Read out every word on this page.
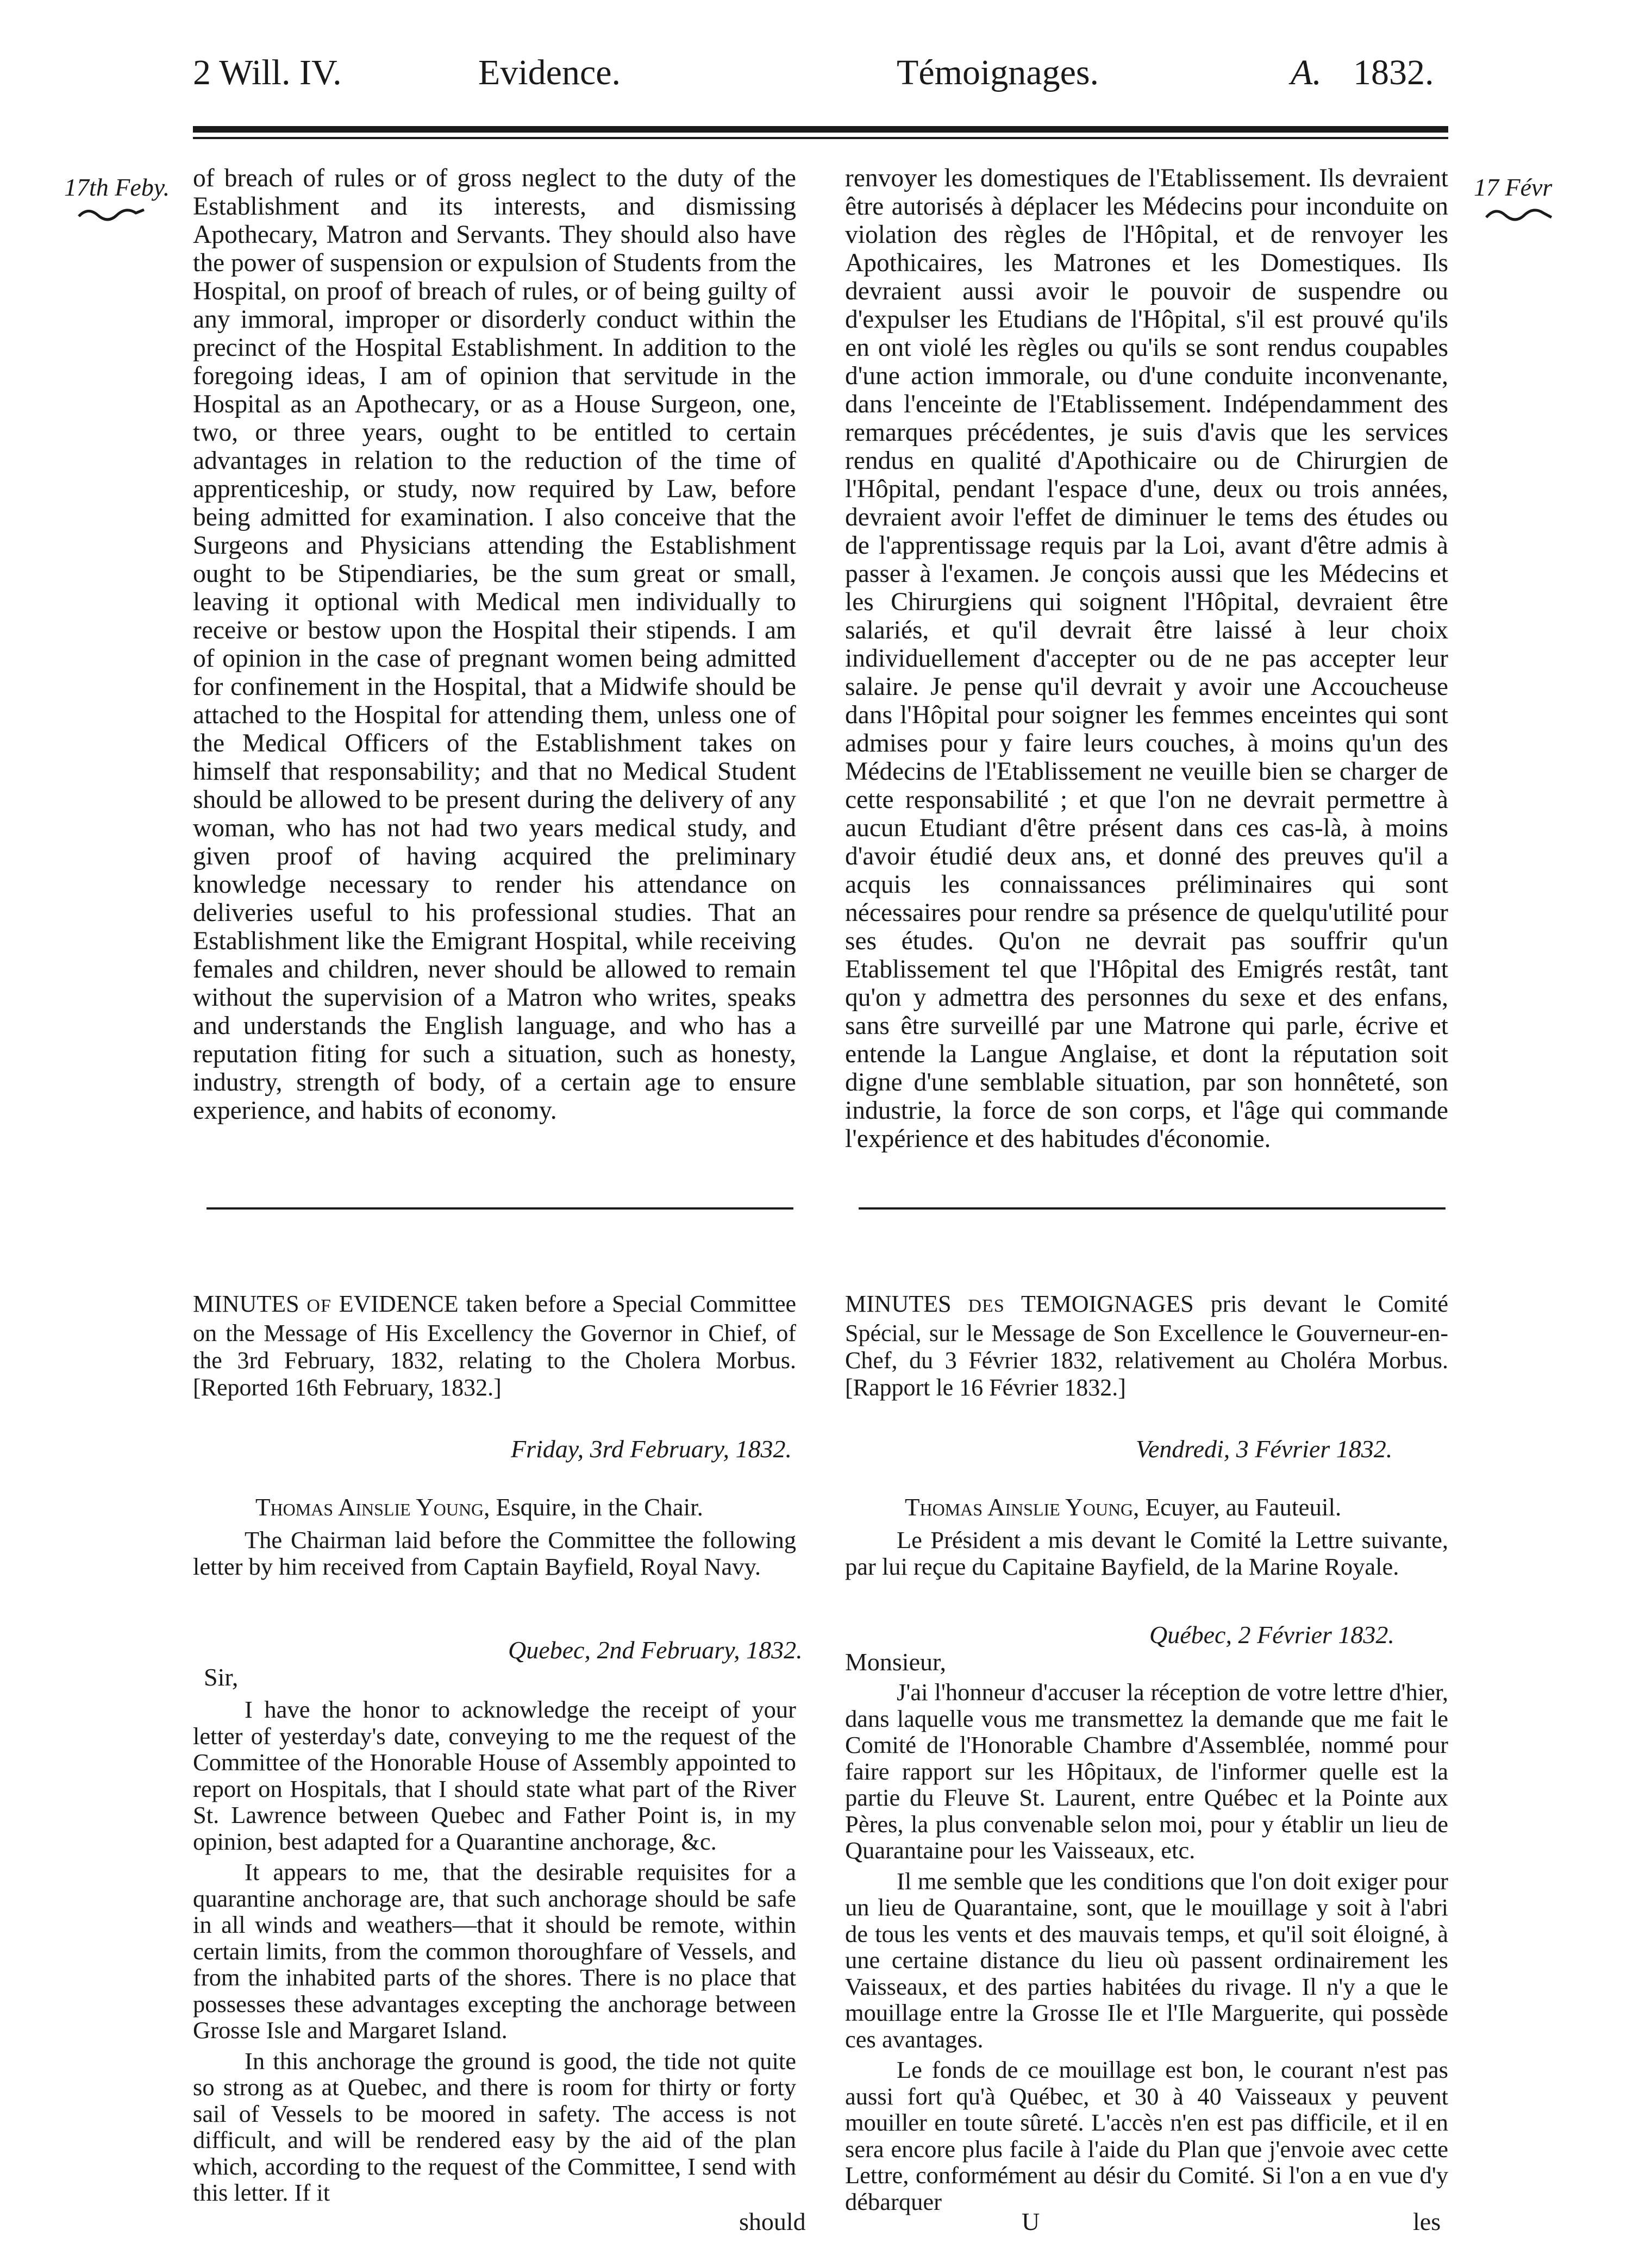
2 Will. IV.	Evidence.	Témoignages.	A. 1832.
17th Feby.	17 Févr

of breach of rules or of gross neglect to the duty of the Establishment and its interests, and dismissing Apothecary, Matron and Servants. They should also have the power of suspension or expulsion of Students from the Hospital, on proof of breach of rules, or of being guilty of any immoral, improper or disorderly conduct within the precinct of the Hospital Establishment. In addition to the foregoing ideas, I am of opinion that servitude in the Hospital as an Apothecary, or as a House Surgeon, one, two, or three years, ought to be entitled to certain advantages in relation to the reduction of the time of apprenticeship, or study, now required by Law, before being admitted for examination. I also conceive that the Surgeons and Physicians attending the Establishment ought to be Stipendiaries, be the sum great or small, leaving it optional with Medical men individually to receive or bestow upon the Hospital their stipends. I am of opinion in the case of pregnant women being admitted for confinement in the Hospital, that a Midwife should be attached to the Hospital for attending them, unless one of the Medical Officers of the Establishment takes on himself that responsability; and that no Medical Student should be allowed to be present during the delivery of any woman, who has not had two years medical study, and given proof of having acquired the preliminary knowledge necessary to render his attendance on deliveries useful to his professional studies. That an Establishment like the Emigrant Hospital, while receiving females and children, never should be allowed to remain without the supervision of a Matron who writes, speaks and understands the English language, and who has a reputation fiting for such a situation, such as honesty, industry, strength of body, of a certain age to ensure experience, and habits of economy.

renvoyer les domestiques de l'Etablissement. Ils devraient être autorisés à déplacer les Médecins pour inconduite on violation des règles de l'Hôpital, et de renvoyer les Apothicaires, les Matrones et les Domestiques. Ils devraient aussi avoir le pouvoir de suspendre ou d'expulser les Etudians de l'Hôpital, s'il est prouvé qu'ils en ont violé les règles ou qu'ils se sont rendus coupables d'une action immorale, ou d'une conduite inconvenante, dans l'enceinte de l'Etablissement. Indépendamment des remarques précédentes, je suis d'avis que les services rendus en qualité d'Apothicaire ou de Chirurgien de l'Hôpital, pendant l'espace d'une, deux ou trois années, devraient avoir l'effet de diminuer le tems des études ou de l'apprentissage requis par la Loi, avant d'être admis à passer à l'examen. Je conçois aussi que les Médecins et les Chirurgiens qui soignent l'Hôpital, devraient être salariés, et qu'il devrait être laissé à leur choix individuellement d'accepter ou de ne pas accepter leur salaire. Je pense qu'il devrait y avoir une Accoucheuse dans l'Hôpital pour soigner les femmes enceintes qui sont admises pour y faire leurs couches, à moins qu'un des Médecins de l'Etablissement ne veuille bien se charger de cette responsabilité ; et que l'on ne devrait permettre à aucun Etudiant d'être présent dans ces cas-là, à moins d'avoir étudié deux ans, et donné des preuves qu'il a acquis les connaissances préliminaires qui sont nécessaires pour rendre sa présence de quelqu'utilité pour ses études. Qu'on ne devrait pas souffrir qu'un Etablissement tel que l'Hôpital des Emigrés restât, tant qu'on y admettra des personnes du sexe et des enfans, sans être surveillé par une Matrone qui parle, écrive et entende la Langue Anglaise, et dont la réputation soit digne d'une semblable situation, par son honnêteté, son industrie, la force de son corps, et l'âge qui commande l'expérience et des habitudes d'économie.

MINUTES OF EVIDENCE taken before a Special Committee on the Message of His Excellency the Governor in Chief, of the 3rd February, 1832, relating to the Cholera Morbus. [Reported 16th February, 1832.]
Friday, 3rd February, 1832.
Thomas Ainslie Young, Esquire, in the Chair.

The Chairman laid before the Committee the following letter by him received from Captain Bayfield, Royal Navy.

Quebec, 2nd February, 1832.
Sir,

I have the honor to acknowledge the receipt of your letter of yesterday's date, conveying to me the request of the Committee of the Honorable House of Assembly appointed to report on Hospitals, that I should state what part of the River St. Lawrence between Quebec and Father Point is, in my opinion, best adapted for a Quarantine anchorage, &c.

It appears to me, that the desirable requisites for a quarantine anchorage are, that such anchorage should be safe in all winds and weathers—that it should be remote, within certain limits, from the common thoroughfare of Vessels, and from the inhabited parts of the shores. There is no place that possesses these advantages excepting the anchorage between Grosse Isle and Margaret Island.

In this anchorage the ground is good, the tide not quite so strong as at Quebec, and there is room for thirty or forty sail of Vessels to be moored in safety. The access is not difficult, and will be rendered easy by the aid of the plan which, according to the request of the Committee, I send with this letter. If it

should
MINUTES DES TEMOIGNAGES pris devant le Comité Spécial, sur le Message de Son Excellence le Gouverneur-en-Chef, du 3 Février 1832, relativement au Choléra Morbus. [Rapport le 16 Février 1832.]
Vendredi, 3 Février 1832.
Thomas Ainslie Young, Ecuyer, au Fauteuil.

Le Président a mis devant le Comité la Lettre suivante, par lui reçue du Capitaine Bayfield, de la Marine Royale.

Québec, 2 Février 1832.
Monsieur,

J'ai l'honneur d'accuser la réception de votre lettre d'hier, dans laquelle vous me transmettez la demande que me fait le Comité de l'Honorable Chambre d'Assemblée, nommé pour faire rapport sur les Hôpitaux, de l'informer quelle est la partie du Fleuve St. Laurent, entre Québec et la Pointe aux Pères, la plus convenable selon moi, pour y établir un lieu de Quarantaine pour les Vaisseaux, etc.

Il me semble que les conditions que l'on doit exiger pour un lieu de Quarantaine, sont, que le mouillage y soit à l'abri de tous les vents et des mauvais temps, et qu'il soit éloigné, à une certaine distance du lieu où passent ordinairement les Vaisseaux, et des parties habitées du rivage. Il n'y a que le mouillage entre la Grosse Ile et l'Ile Marguerite, qui possède ces avantages.

Le fonds de ce mouillage est bon, le courant n'est pas aussi fort qu'à Québec, et 30 à 40 Vaisseaux y peuvent mouiller en toute sûreté. L'accès n'en est pas difficile, et il en sera encore plus facile à l'aide du Plan que j'envoie avec cette Lettre, conformément au désir du Comité. Si l'on a en vue d'y débarquer

U	les
